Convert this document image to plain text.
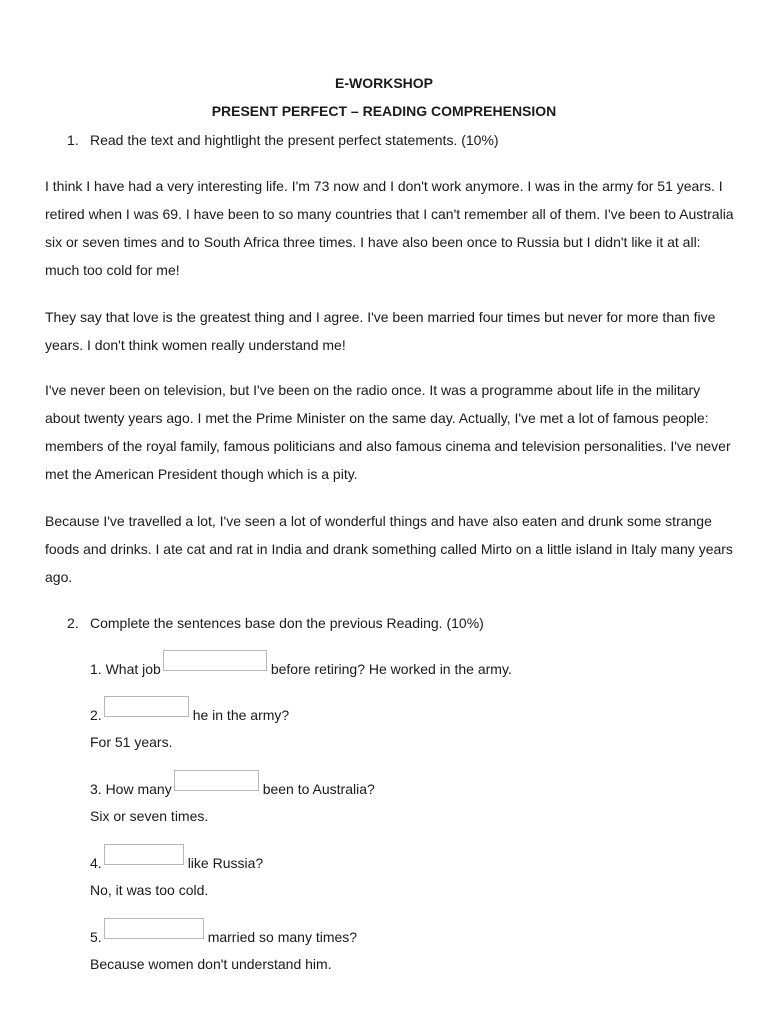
E-WORKSHOP
PRESENT PERFECT – READING COMPREHENSION
1. Read the text and hightlight the present perfect statements. (10%)

I think I have had a very interesting life. I'm 73 now and I don't work anymore. I was in the army for 51 years. I retired when I was 69. I have been to so many countries that I can't remember all of them. I've been to Australia six or seven times and to South Africa three times. I have also been once to Russia but I didn't like it at all: much too cold for me!

They say that love is the greatest thing and I agree. I've been married four times but never for more than five years. I don't think women really understand me!

I've never been on television, but I've been on the radio once. It was a programme about life in the military about twenty years ago. I met the Prime Minister on the same day. Actually, I've met a lot of famous people: members of the royal family, famous politicians and also famous cinema and television personalities. I've never met the American President though which is a pity.

Because I've travelled a lot, I've seen a lot of wonderful things and have also eaten and drunk some strange foods and drinks. I ate cat and rat in India and drank something called Mirto on a little island in Italy many years ago.

2. Complete the sentences base don the previous Reading. (10%)
1. What job	before retiring? He worked in the army.
2.	he in the army?
For 51 years.
3. How many	been to Australia?
Six or seven times.
4.	like Russia?
No, it was too cold.
5.	married so many times?
Because women don't understand him.
